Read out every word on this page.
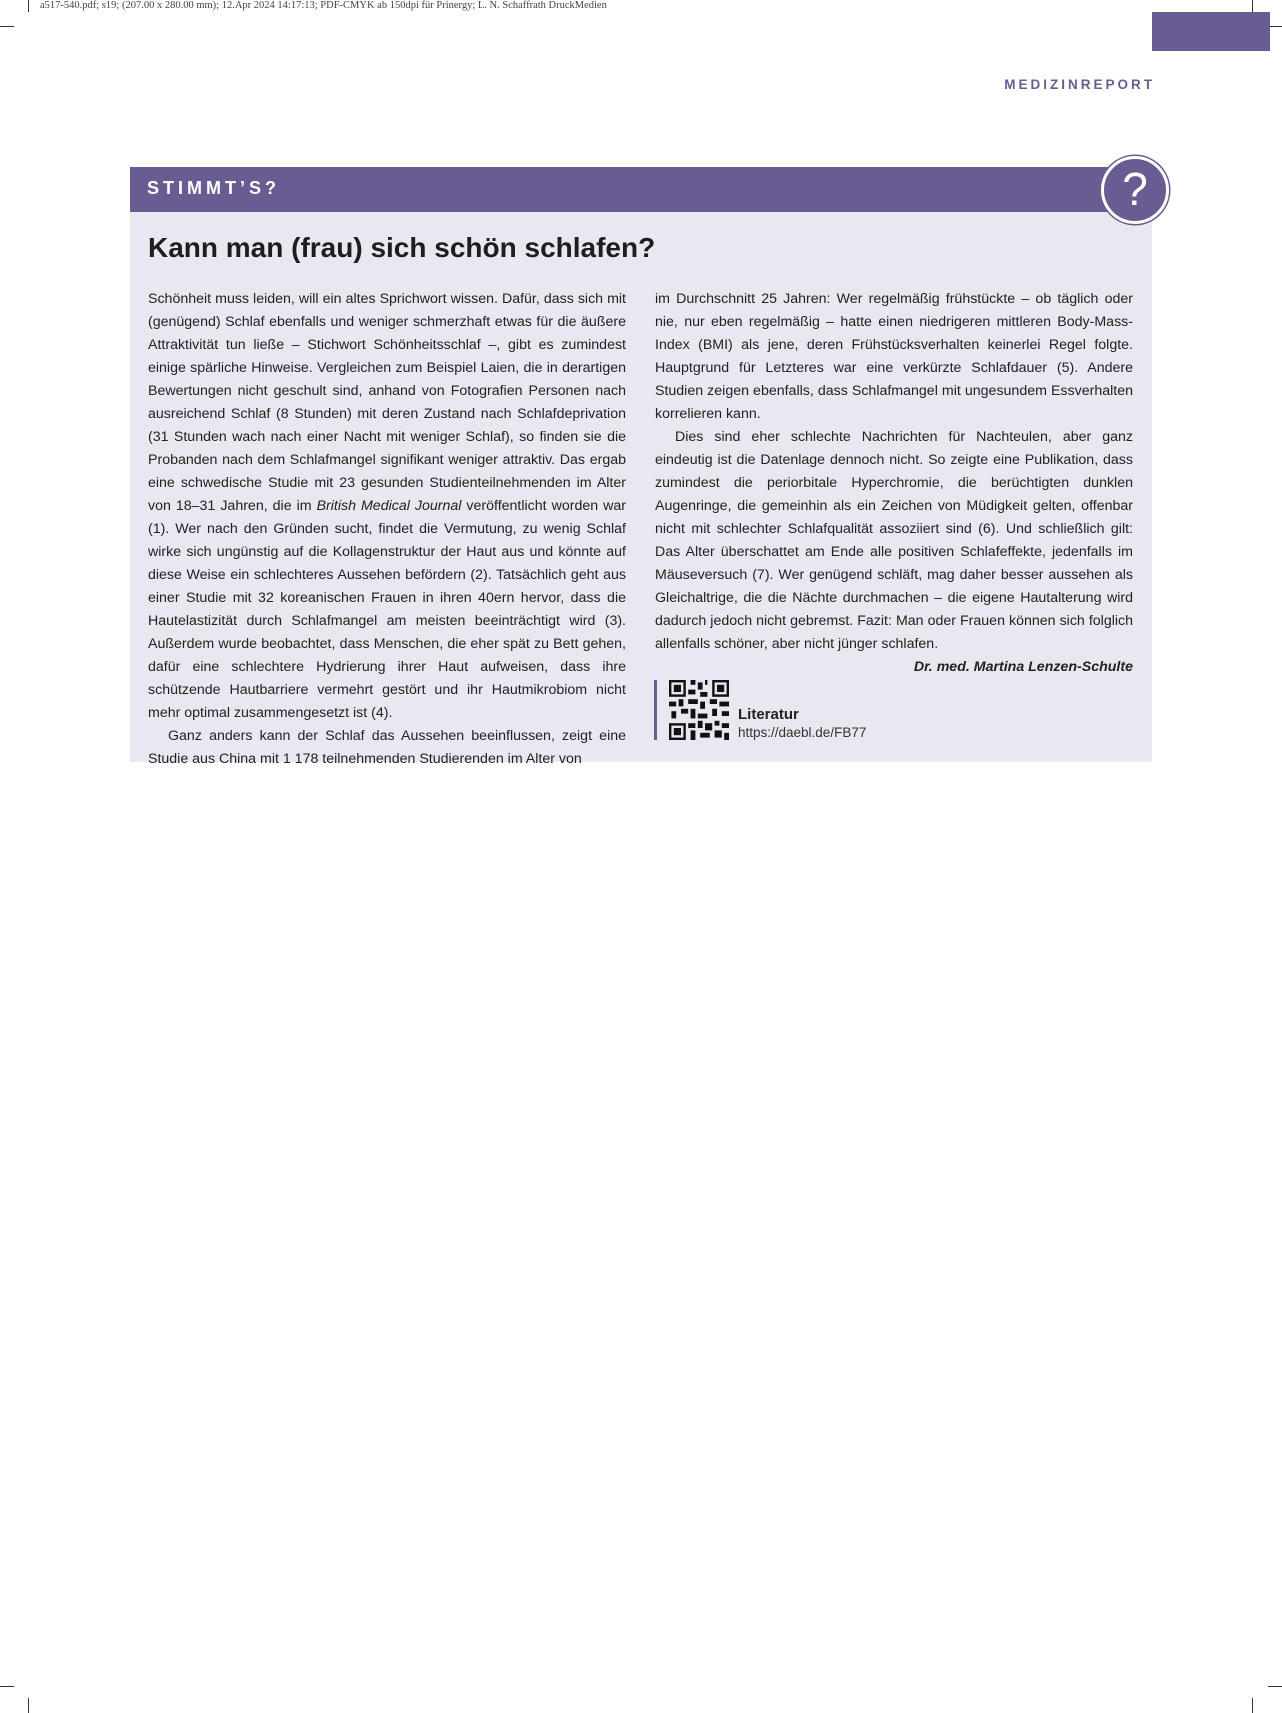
a517-540.pdf; s19; (207.00 x 280.00 mm); 12.Apr 2024 14:17:13; PDF-CMYK ab 150dpi für Prinergy; L. N. Schaffrath DruckMedien
MEDIZINREPORT
STIMMT’S?	?
Kann man (frau) sich schön schlafen?

Schönheit muss leiden, will ein altes Sprichwort wissen. Dafür, dass sich mit (genügend) Schlaf ebenfalls und weniger schmerzhaft etwas für die äußere Attraktivität tun ließe – Stichwort Schönheitsschlaf –, gibt es zumindest einige spärliche Hinweise. Vergleichen zum Beispiel Laien, die in derartigen Bewertungen nicht geschult sind, anhand von Fotografien Personen nach ausreichend Schlaf (8 Stunden) mit deren Zustand nach Schlafdeprivation (31 Stunden wach nach einer Nacht mit weniger Schlaf), so finden sie die Probanden nach dem Schlafmangel signifikant weniger attraktiv. Das ergab eine schwedische Studie mit 23 gesunden Studienteilnehmenden im Alter von 18–31 Jahren, die im British Medical Journal veröffentlicht worden war (1). Wer nach den Gründen sucht, findet die Vermutung, zu wenig Schlaf wirke sich ungünstig auf die Kollagenstruktur der Haut aus und könnte auf diese Weise ein schlechteres Aussehen befördern (2). Tatsächlich geht aus einer Studie mit 32 koreanischen Frauen in ihren 40ern hervor, dass die Hautelastizität durch Schlafmangel am meisten beeinträchtigt wird (3). Außerdem wurde beobachtet, dass Menschen, die eher spät zu Bett gehen, dafür eine schlechtere Hydrierung ihrer Haut aufweisen, dass ihre schützende Hautbarriere vermehrt gestört und ihr Hautmikrobiom nicht mehr optimal zusammengesetzt ist (4).

Ganz anders kann der Schlaf das Aussehen beeinflussen, zeigt eine Studie aus China mit 1 178 teilnehmenden Studierenden im Alter von

im Durchschnitt 25 Jahren: Wer regelmäßig frühstückte – ob täglich oder nie, nur eben regelmäßig – hatte einen niedrigeren mittleren Body-Mass-Index (BMI) als jene, deren Frühstücksverhalten keinerlei Regel folgte. Hauptgrund für Letzteres war eine verkürzte Schlafdauer (5). Andere Studien zeigen ebenfalls, dass Schlafmangel mit ungesundem Essverhalten korrelieren kann.

Dies sind eher schlechte Nachrichten für Nachteulen, aber ganz eindeutig ist die Datenlage dennoch nicht. So zeigte eine Publikation, dass zumindest die periorbitale Hyperchromie, die berüchtigten dunklen Augenringe, die gemeinhin als ein Zeichen von Müdigkeit gelten, offenbar nicht mit schlechter Schlafqualität assoziiert sind (6). Und schließlich gilt: Das Alter überschattet am Ende alle positiven Schlafeffekte, jedenfalls im Mäuseversuch (7). Wer genügend schläft, mag daher besser aussehen als Gleichaltrige, die die Nächte durchmachen – die eigene Hautalterung wird dadurch jedoch nicht gebremst. Fazit: Man oder Frauen können sich folglich allenfalls schöner, aber nicht jünger schlafen.
Dr. med. Martina Lenzen-Schulte

Literatur
https://daebl.de/FB77
